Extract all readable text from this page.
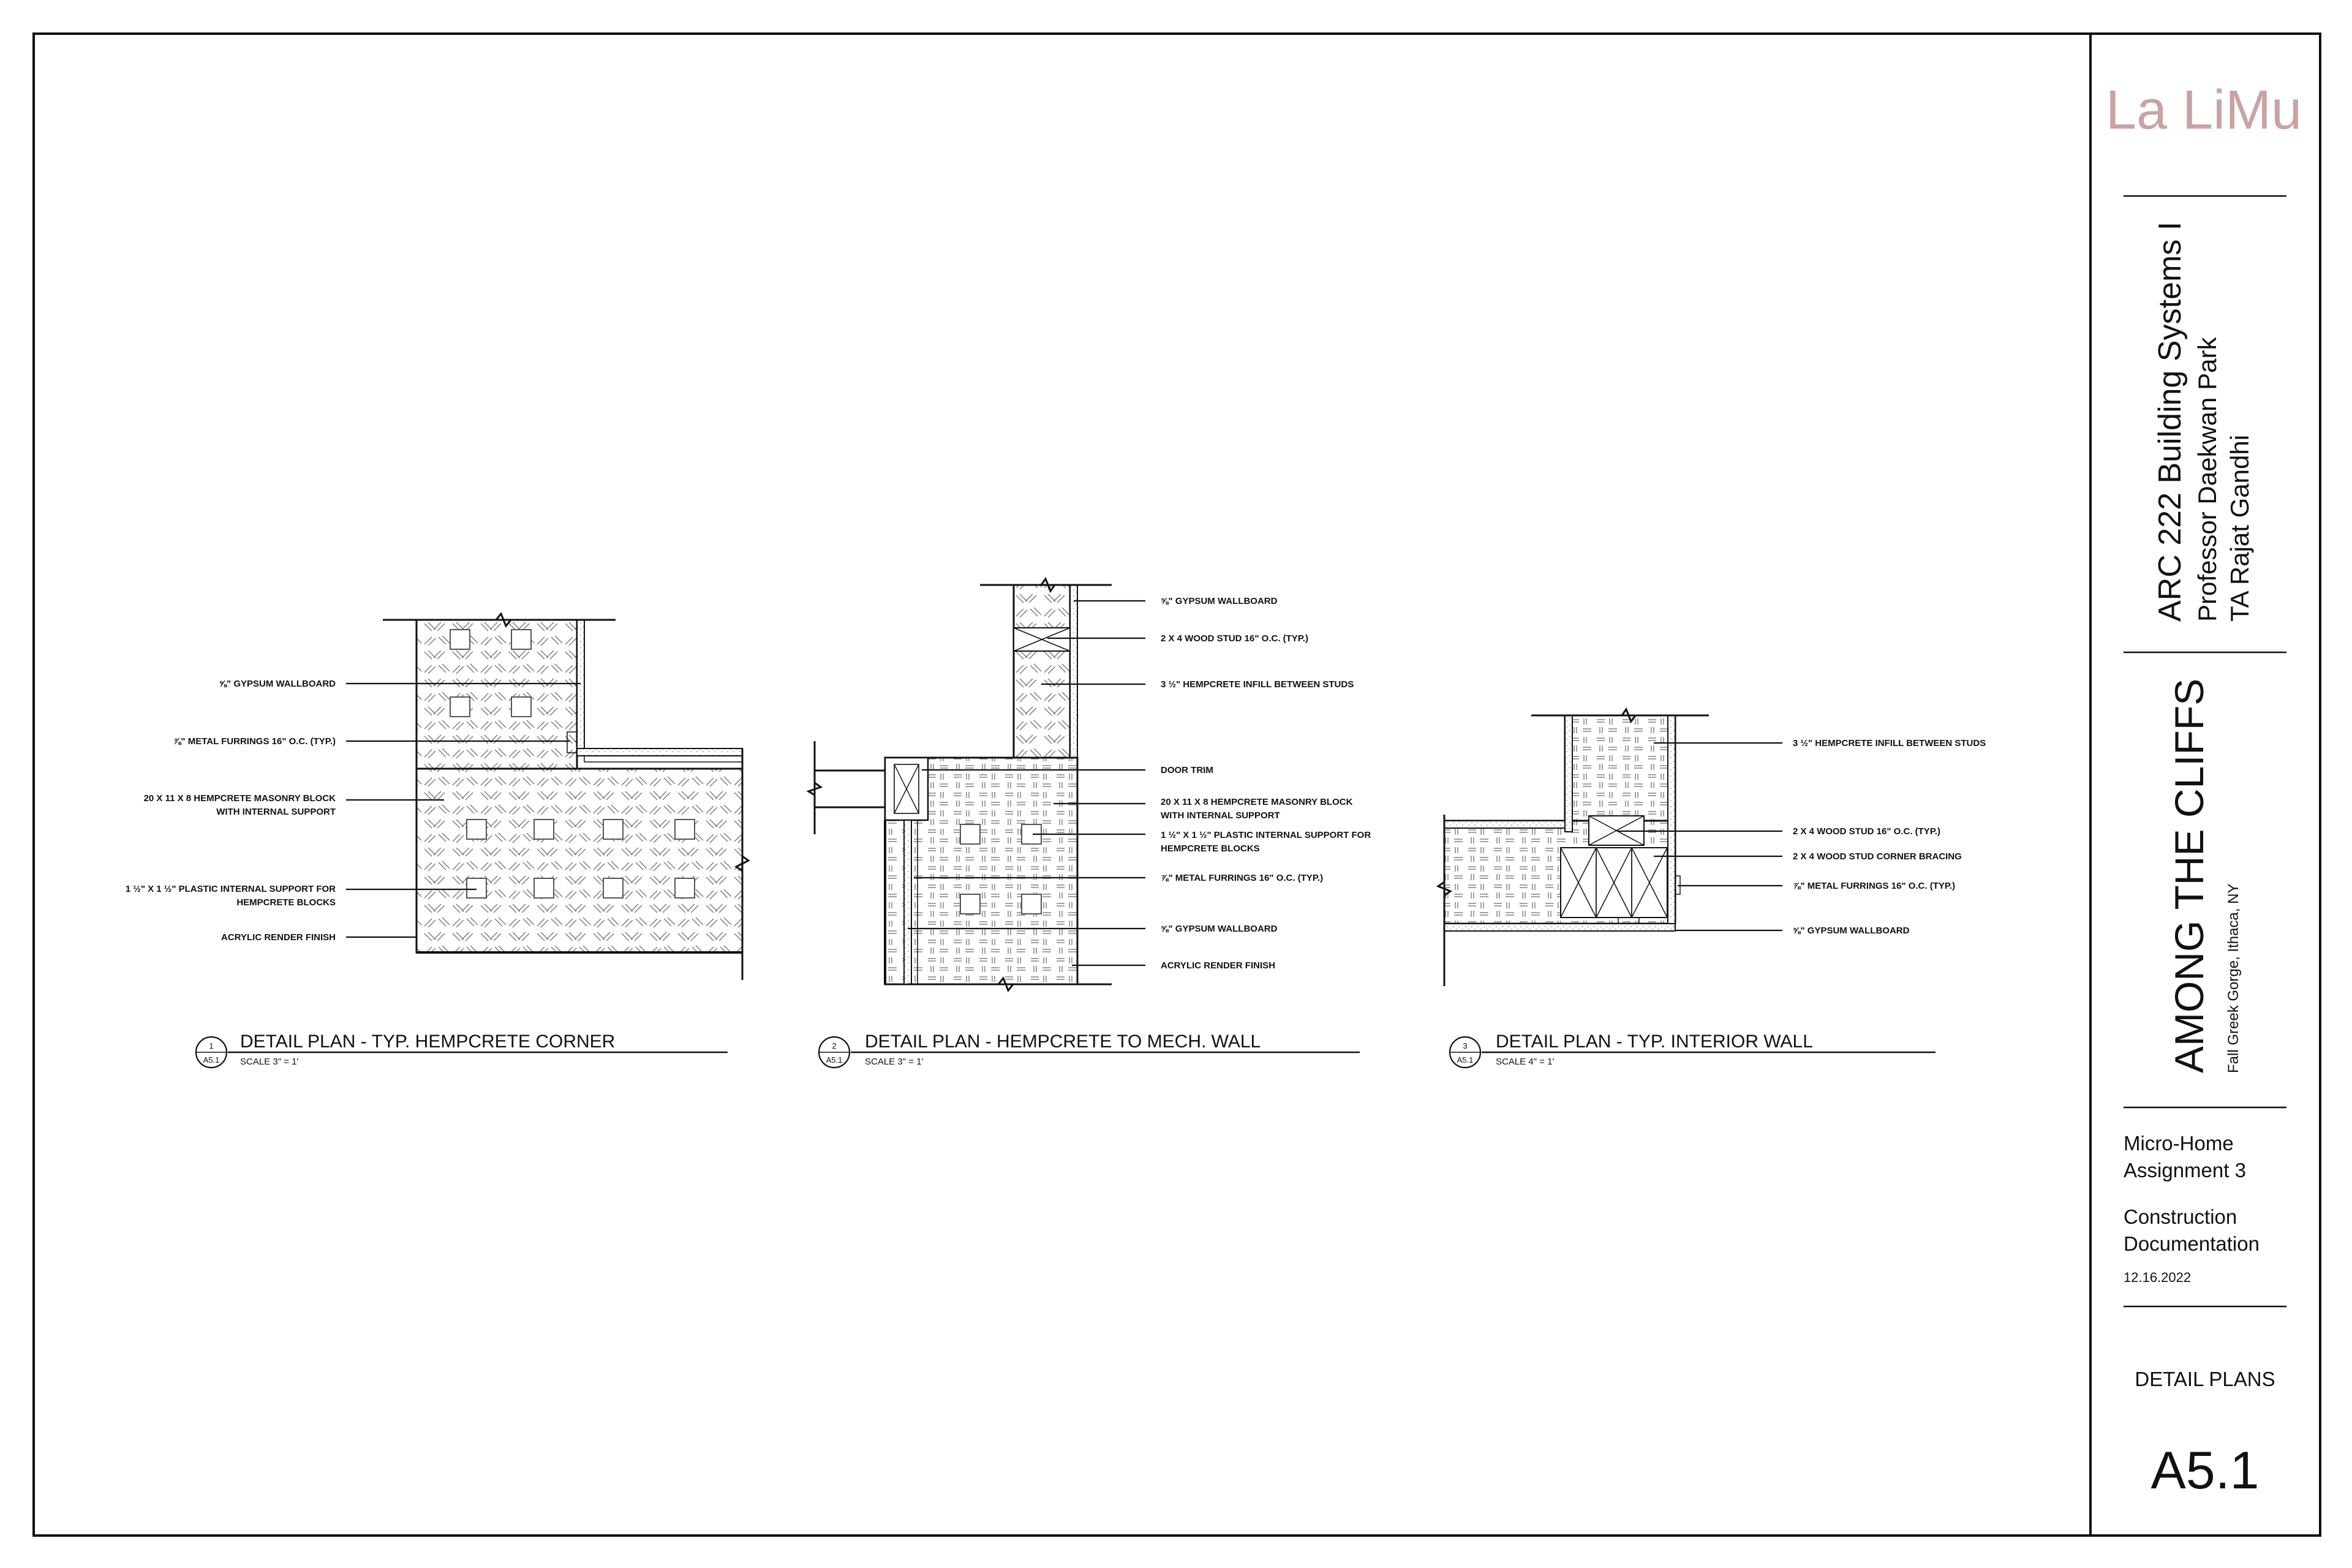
⅝" GYPSUM WALLBOARD
⅞" METAL FURRINGS 16" O.C. (TYP.)
20 X 11 X 8 HEMPCRETE MASONRY BLOCK
WITH INTERNAL SUPPORT
1 ½" X 1 ½" PLASTIC INTERNAL SUPPORT FOR
HEMPCRETE BLOCKS
ACRYLIC RENDER FINISH
1
A5.1
DETAIL PLAN - TYP. HEMPCRETE CORNER
SCALE 3" = 1'
⅝" GYPSUM WALLBOARD
2 X 4 WOOD STUD 16" O.C. (TYP.)
3 ½" HEMPCRETE INFILL BETWEEN STUDS
DOOR TRIM
20 X 11 X 8 HEMPCRETE MASONRY BLOCK
WITH INTERNAL SUPPORT
1 ½" X 1 ½" PLASTIC INTERNAL SUPPORT FOR
HEMPCRETE BLOCKS
⅞" METAL FURRINGS 16" O.C. (TYP.)
⅝" GYPSUM WALLBOARD
ACRYLIC RENDER FINISH
2
A5.1
DETAIL PLAN - HEMPCRETE TO MECH. WALL
SCALE 3" = 1'
3 ½" HEMPCRETE INFILL BETWEEN STUDS
2 X 4 WOOD STUD 16" O.C. (TYP.)
2 X 4 WOOD STUD CORNER BRACING
⅞" METAL FURRINGS 16" O.C. (TYP.)
⅝" GYPSUM WALLBOARD
3
A5.1
DETAIL PLAN - TYP. INTERIOR WALL
SCALE 4" = 1'
La LiMu
ARC 222 Building Systems I Professor Daekwan Park TA Rajat Gandhi
AMONG THE CLIFFS Fall Greek Gorge, Ithaca, NY
Micro-Home
Assignment 3
Construction
Documentation
12.16.2022
DETAIL PLANS
A5.1
